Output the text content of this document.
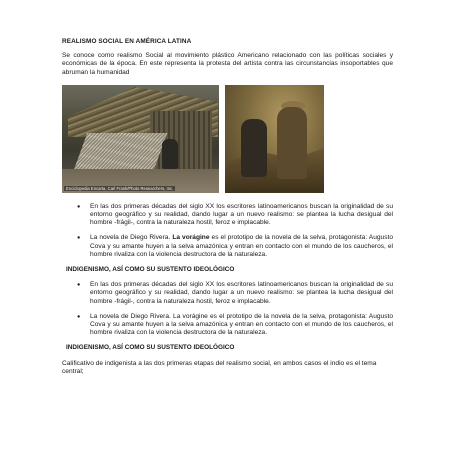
REALISMO SOCIAL EN AMÉRICA LATINA

Se conoce como realismo Social al movimiento plástico Americano relacionado con las políticas sociales y económicas de la época. En este representa la protesta del artista contra las circunstancias insoportables que abruman la humanidad

Enciclopedia Encarta, Carl Frank/Photo Researchers, Inc.
● En las dos primeras décadas del siglo XX los escritores latinoamericanos buscan la originalidad de su entorno geográfico y su realidad, dando lugar a un nuevo realismo: se plantea la lucha desigual del hombre -frágil-, contra la naturaleza hostil, feroz e implacable.
● La novela de Diego Rivera. La vorágine es el prototipo de la novela de la selva, protagonista: Augusto Cova y su amante huyen a la selva amazónica y entran en contacto con el mundo de los caucheros, el hombre rivaliza con la violencia destructora de la naturaleza.
INDIGENISMO, ASÍ COMO SU SUSTENTO IDEOLÓGICO
● En las dos primeras décadas del siglo XX los escritores latinoamericanos buscan la originalidad de su entorno geográfico y su realidad, dando lugar a un nuevo realismo: se plantea la lucha desigual del hombre -frágil-, contra la naturaleza hostil, feroz e implacable.
● La novela de Diego Rivera. La vorágine es el prototipo de la novela de la selva, protagonista: Augusto Cova y su amante huyen a la selva amazónica y entran en contacto con el mundo de los caucheros, el hombre rivaliza con la violencia destructora de la naturaleza.
INDIGENISMO, ASÍ COMO SU SUSTENTO IDEOLÓGICO

Calificativo de indigenista a las dos primeras etapas del realismo social, en ambos casos el indio es el tema central;
